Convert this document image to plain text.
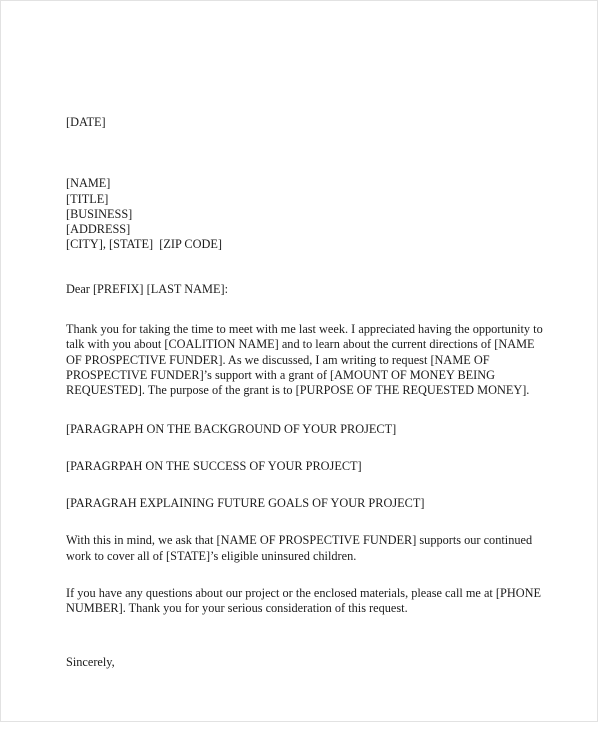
[DATE]

[NAME]

[TITLE]

[BUSINESS]

[ADDRESS]

[CITY], [STATE]  [ZIP CODE]

Dear [PREFIX] [LAST NAME]:

Thank you for taking the time to meet with me last week. I appreciated having the opportunity to talk with you about [COALITION NAME] and to learn about the current directions of [NAME OF PROSPECTIVE FUNDER]. As we discussed, I am writing to request [NAME OF PROSPECTIVE FUNDER]’s support with a grant of [AMOUNT OF MONEY BEING REQUESTED]. The purpose of the grant is to [PURPOSE OF THE REQUESTED MONEY].

[PARAGRAPH ON THE BACKGROUND OF YOUR PROJECT]

[PARAGRPAH ON THE SUCCESS OF YOUR PROJECT]

[PARAGRAH EXPLAINING FUTURE GOALS OF YOUR PROJECT]

With this in mind, we ask that [NAME OF PROSPECTIVE FUNDER] supports our continued work to cover all of [STATE]’s eligible uninsured children.

If you have any questions about our project or the enclosed materials, please call me at [PHONE NUMBER]. Thank you for your serious consideration of this request.

Sincerely,
